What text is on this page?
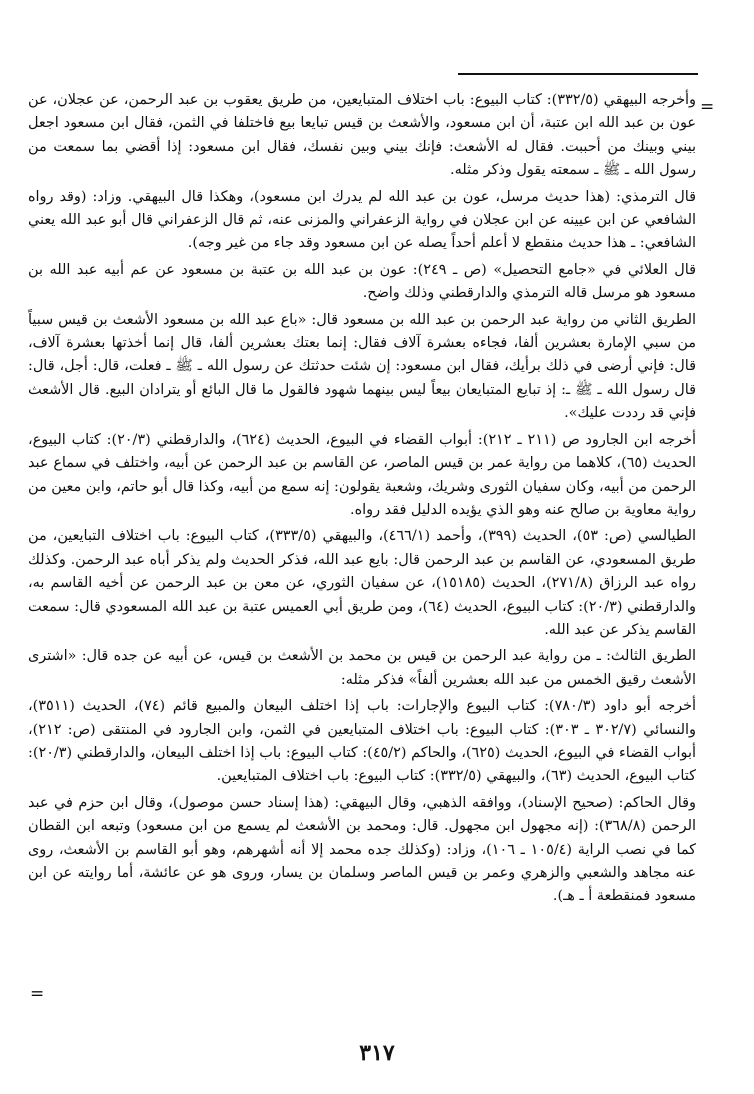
=

وأخرجه البيهقي (٣٣٢/٥): كتاب البيوع: باب اختلاف المتبايعين، من طريق يعقوب بن عبد الرحمن، عن عجلان، عن عون بن عبد الله ابن عتبة، أن ابن مسعود، والأشعث بن قيس تبايعا بيع فاختلفا في الثمن، فقال ابن مسعود اجعل بيني وبينك من أحببت. فقال له الأشعث: فإنك بيني وبين نفسك، فقال ابن مسعود: إذا أقضي بما سمعت من رسول الله ـ ﷺ ـ سمعته يقول وذكر مثله.

قال الترمذي: (هذا حديث مرسل، عون بن عبد الله لم يدرك ابن مسعود)، وهكذا قال البيهقي. وزاد: (وقد رواه الشافعي عن ابن عيينه عن ابن عجلان في رواية الزعفراني والمزنى عنه، ثم قال الزعفراني قال أبو عبد الله يعني الشافعي: ـ هذا حديث منقطع لا أعلم أحداً يصله عن ابن مسعود وقد جاء من غير وجه).

قال العلائي في «جامع التحصيل» (ص ـ ٢٤٩): عون بن عبد الله بن عتبة بن مسعود عن عم أبيه عبد الله بن مسعود هو مرسل قاله الترمذي والدارقطني وذلك واضح.

الطريق الثاني من رواية عبد الرحمن بن عبد الله بن مسعود قال: «باع عبد الله بن مسعود الأشعث بن قيس سبياً من سبي الإمارة بعشرين ألفا، فجاءه بعشرة آلاف فقال: إنما بعتك بعشرين ألفا، قال إنما أخذتها بعشرة آلاف، قال: فإني أرضى في ذلك برأيك، فقال ابن مسعود: إن شئت حدثتك عن رسول الله ـ ﷺ ـ فعلت، قال: أجل، قال: قال رسول الله ـ ﷺ ـ: إذ تبايع المتبايعان بيعاً ليس بينهما شهود فالقول ما قال البائع أو يترادان البيع. قال الأشعث فإني قد رددت عليك».

أخرجه ابن الجارود ص (٢١١ ـ ٢١٢): أبواب القضاء في البيوع، الحديث (٦٢٤)، والدارقطني (٢٠/٣): كتاب البيوع، الحديث (٦٥)، كلاهما من رواية عمر بن قيس الماصر، عن القاسم بن عبد الرحمن عن أبيه، واختلف في سماع عبد الرحمن من أبيه، وكان سفيان الثورى وشريك، وشعبة يقولون: إنه سمع من أبيه، وكذا قال أبو حاتم، وابن معين من رواية معاوية بن صالح عنه وهو الذي يؤيده الدليل فقد رواه.

الطيالسي (ص: ٥٣)، الحديث (٣٩٩)، وأحمد (٤٦٦/١)، والبيهقي (٣٣٣/٥)، كتاب البيوع: باب اختلاف التبايعين، من طريق المسعودي، عن القاسم بن عبد الرحمن قال: بايع عبد الله، فذكر الحديث ولم يذكر أباه عبد الرحمن. وكذلك رواه عبد الرزاق (٢٧١/٨)، الحديث (١٥١٨٥)، عن سفيان الثوري، عن معن بن عبد الرحمن عن أخيه القاسم به، والدارقطني (٢٠/٣): كتاب البيوع، الحديث (٦٤)، ومن طريق أبي العميس عتبة بن عبد الله المسعودي قال: سمعت القاسم يذكر عن عبد الله.

الطريق الثالث: ـ من رواية عبد الرحمن بن قيس بن محمد بن الأشعث بن قيس، عن أبيه عن جده قال: «اشترى الأشعث رقيق الخمس من عبد الله بعشرين ألفاً» فذكر مثله:

أخرجه أبو داود (٧٨٠/٣): كتاب البيوع والإجارات: باب إذا اختلف البيعان والمبيع قائم (٧٤)، الحديث (٣٥١١)، والنسائي (٣٠٢/٧ ـ ٣٠٣): كتاب البيوع: باب اختلاف المتبايعين في الثمن، وابن الجارود في المنتقى (ص: ٢١٢)، أبواب القضاء في البيوع، الحديث (٦٢٥)، والحاكم (٤٥/٢): كتاب البيوع: باب إذا اختلف البيعان، والدارقطني (٢٠/٣): كتاب البيوع، الحديث (٦٣)، والبيهقي (٣٣٢/٥): كتاب البيوع: باب اختلاف المتبايعين.

وقال الحاكم: (صحيح الإسناد)، ووافقه الذهبي، وقال البيهقي: (هذا إسناد حسن موصول)، وقال ابن حزم في عبد الرحمن (٣٦٨/٨): (إنه مجهول ابن مجهول. قال: ومحمد بن الأشعث لم يسمع من ابن مسعود) وتبعه ابن القطان كما في نصب الراية (١٠٥/٤ ـ ١٠٦)، وزاد: (وكذلك جده محمد إلا أنه أشهرهم، وهو أبو القاسم بن الأشعث، روى عنه مجاهد والشعبي والزهري وعمر بن قيس الماصر وسلمان بن يسار، وروى هو عن عائشة، أما روايته عن ابن مسعود فمنقطعة أ ـ هـ).

=
٣١٧
